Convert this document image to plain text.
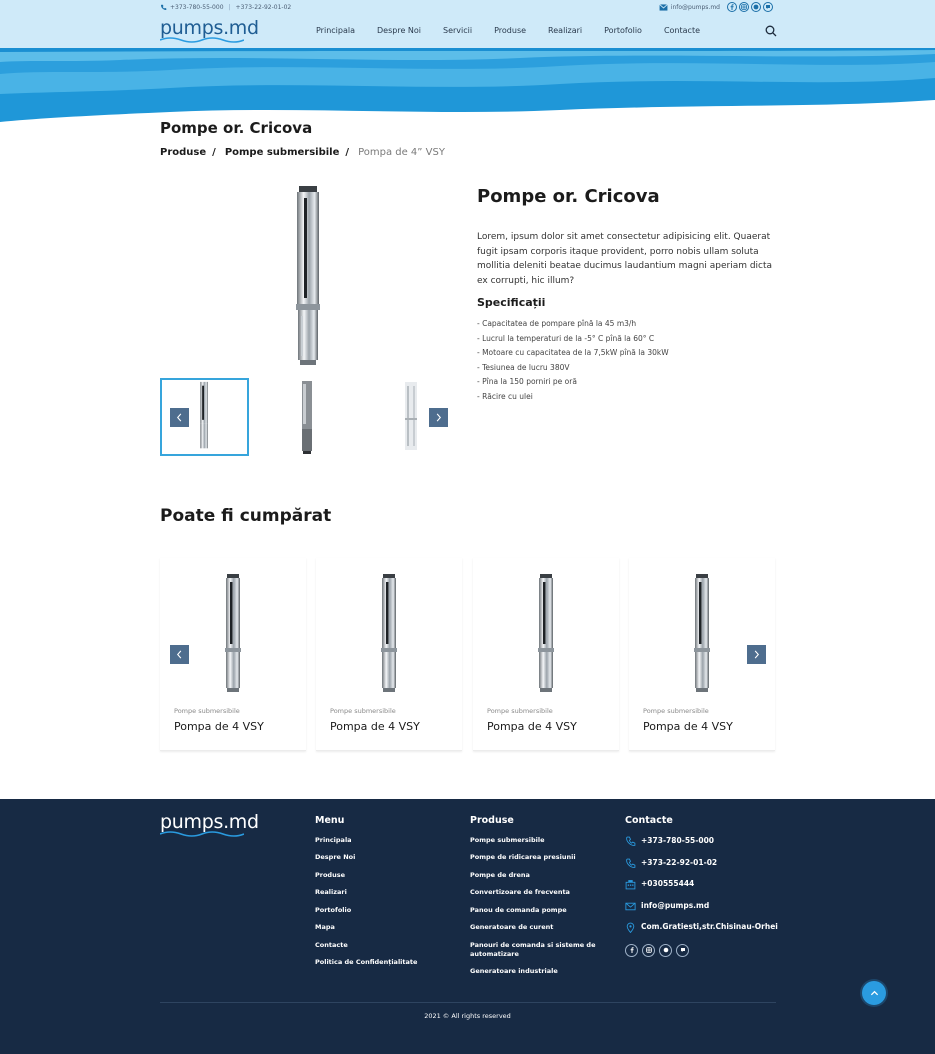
+373-780-55-000 | +373-22-92-01-02	info@pumps.md
pumps.md	Principala	Despre Noi	Servicii	Produse	Realizari	Portofolio	Contacte
Pompe or. Cricova
Produse / Pompe submersibile / Pompa de 4” VSY
Pompe or. Cricova

Lorem, ipsum dolor sit amet consectetur adipisicing elit. Quaerat fugit ipsam corporis itaque provident, porro nobis ullam soluta mollitia deleniti beatae ducimus laudantium magni aperiam dicta ex corrupti, hic illum?

Specificații
- Capacitatea de pompare pînă la 45 m3/h
- Lucrul la temperaturi de la -5° C pînă la 60° C
- Motoare cu capacitatea de la 7,5kW pînă la 30kW
- Tesiunea de lucru 380V
- Pîna la 150 porniri pe oră
- Răcire cu ulei
Poate fi cumpărat
Pompe submersibile
Pompa de 4 VSY
Pompe submersibile
Pompa de 4 VSY
Pompe submersibile
Pompa de 4 VSY
Pompe submersibile
Pompa de 4 VSY
pumps.md	Menu
Principala
Despre Noi
Produse
Realizari
Portofolio
Mapa
Contacte
Politica de Confidențialitate
Produse
Pompe submersibile
Pompe de ridicarea presiunii
Pompe de drena
Convertizoare de frecventa
Panou de comanda pompe
Generatoare de curent
Panouri de comanda si sisteme de automatizare
Generatoare industriale
Contacte
+373-780-55-000
+373-22-92-01-02
+030555444
info@pumps.md
Com.Gratiesti,str.Chisinau-Orhei
2021 © All rights reserved
